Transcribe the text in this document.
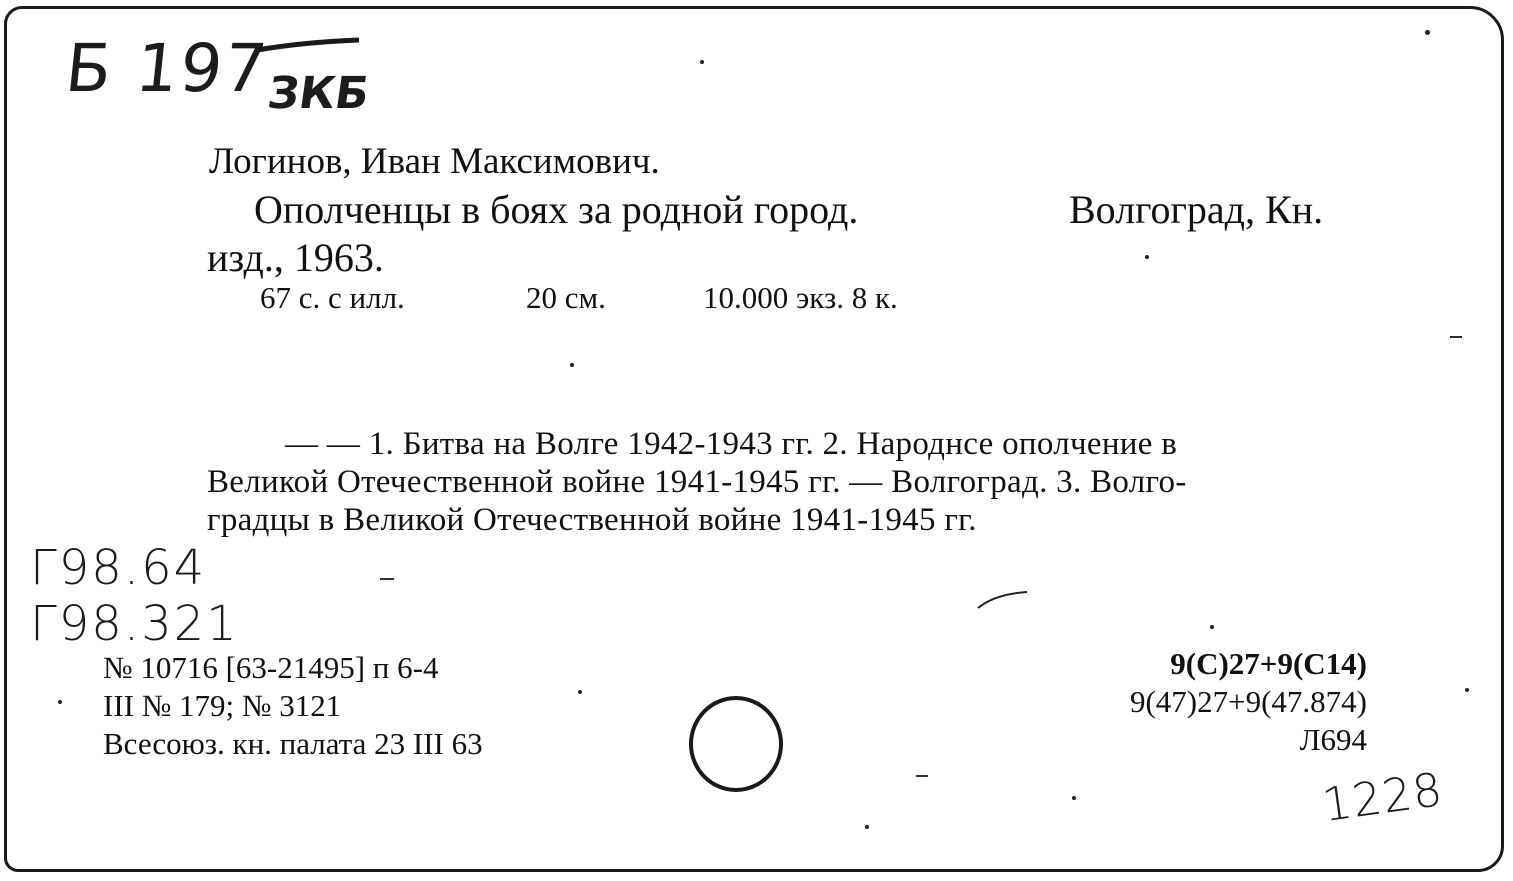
Б 197
ЗКБ
Логинов, Иван Максимович.
Ополченцы в боях за родной город.	Волгоград, Кн.
изд., 1963.
67 с. с илл.	20 см.	10.000 экз. 8 к.
— — 1. Битва на Волге 1942-1943 гг. 2. Народнсе ополчение в
Великой Отечественной войне 1941-1945 гг. — Волгоград. 3. Волго-
градцы в Великой Отечественной войне 1941-1945 гг.
Г98.64
Г98.321
№ 10716 [63-21495] п 6-4
III № 179; № 3121
Всесоюз. кн. палата 23 III 63
9(С)27+9(С14)
9(47)27+9(47.874)
Л694
1228
